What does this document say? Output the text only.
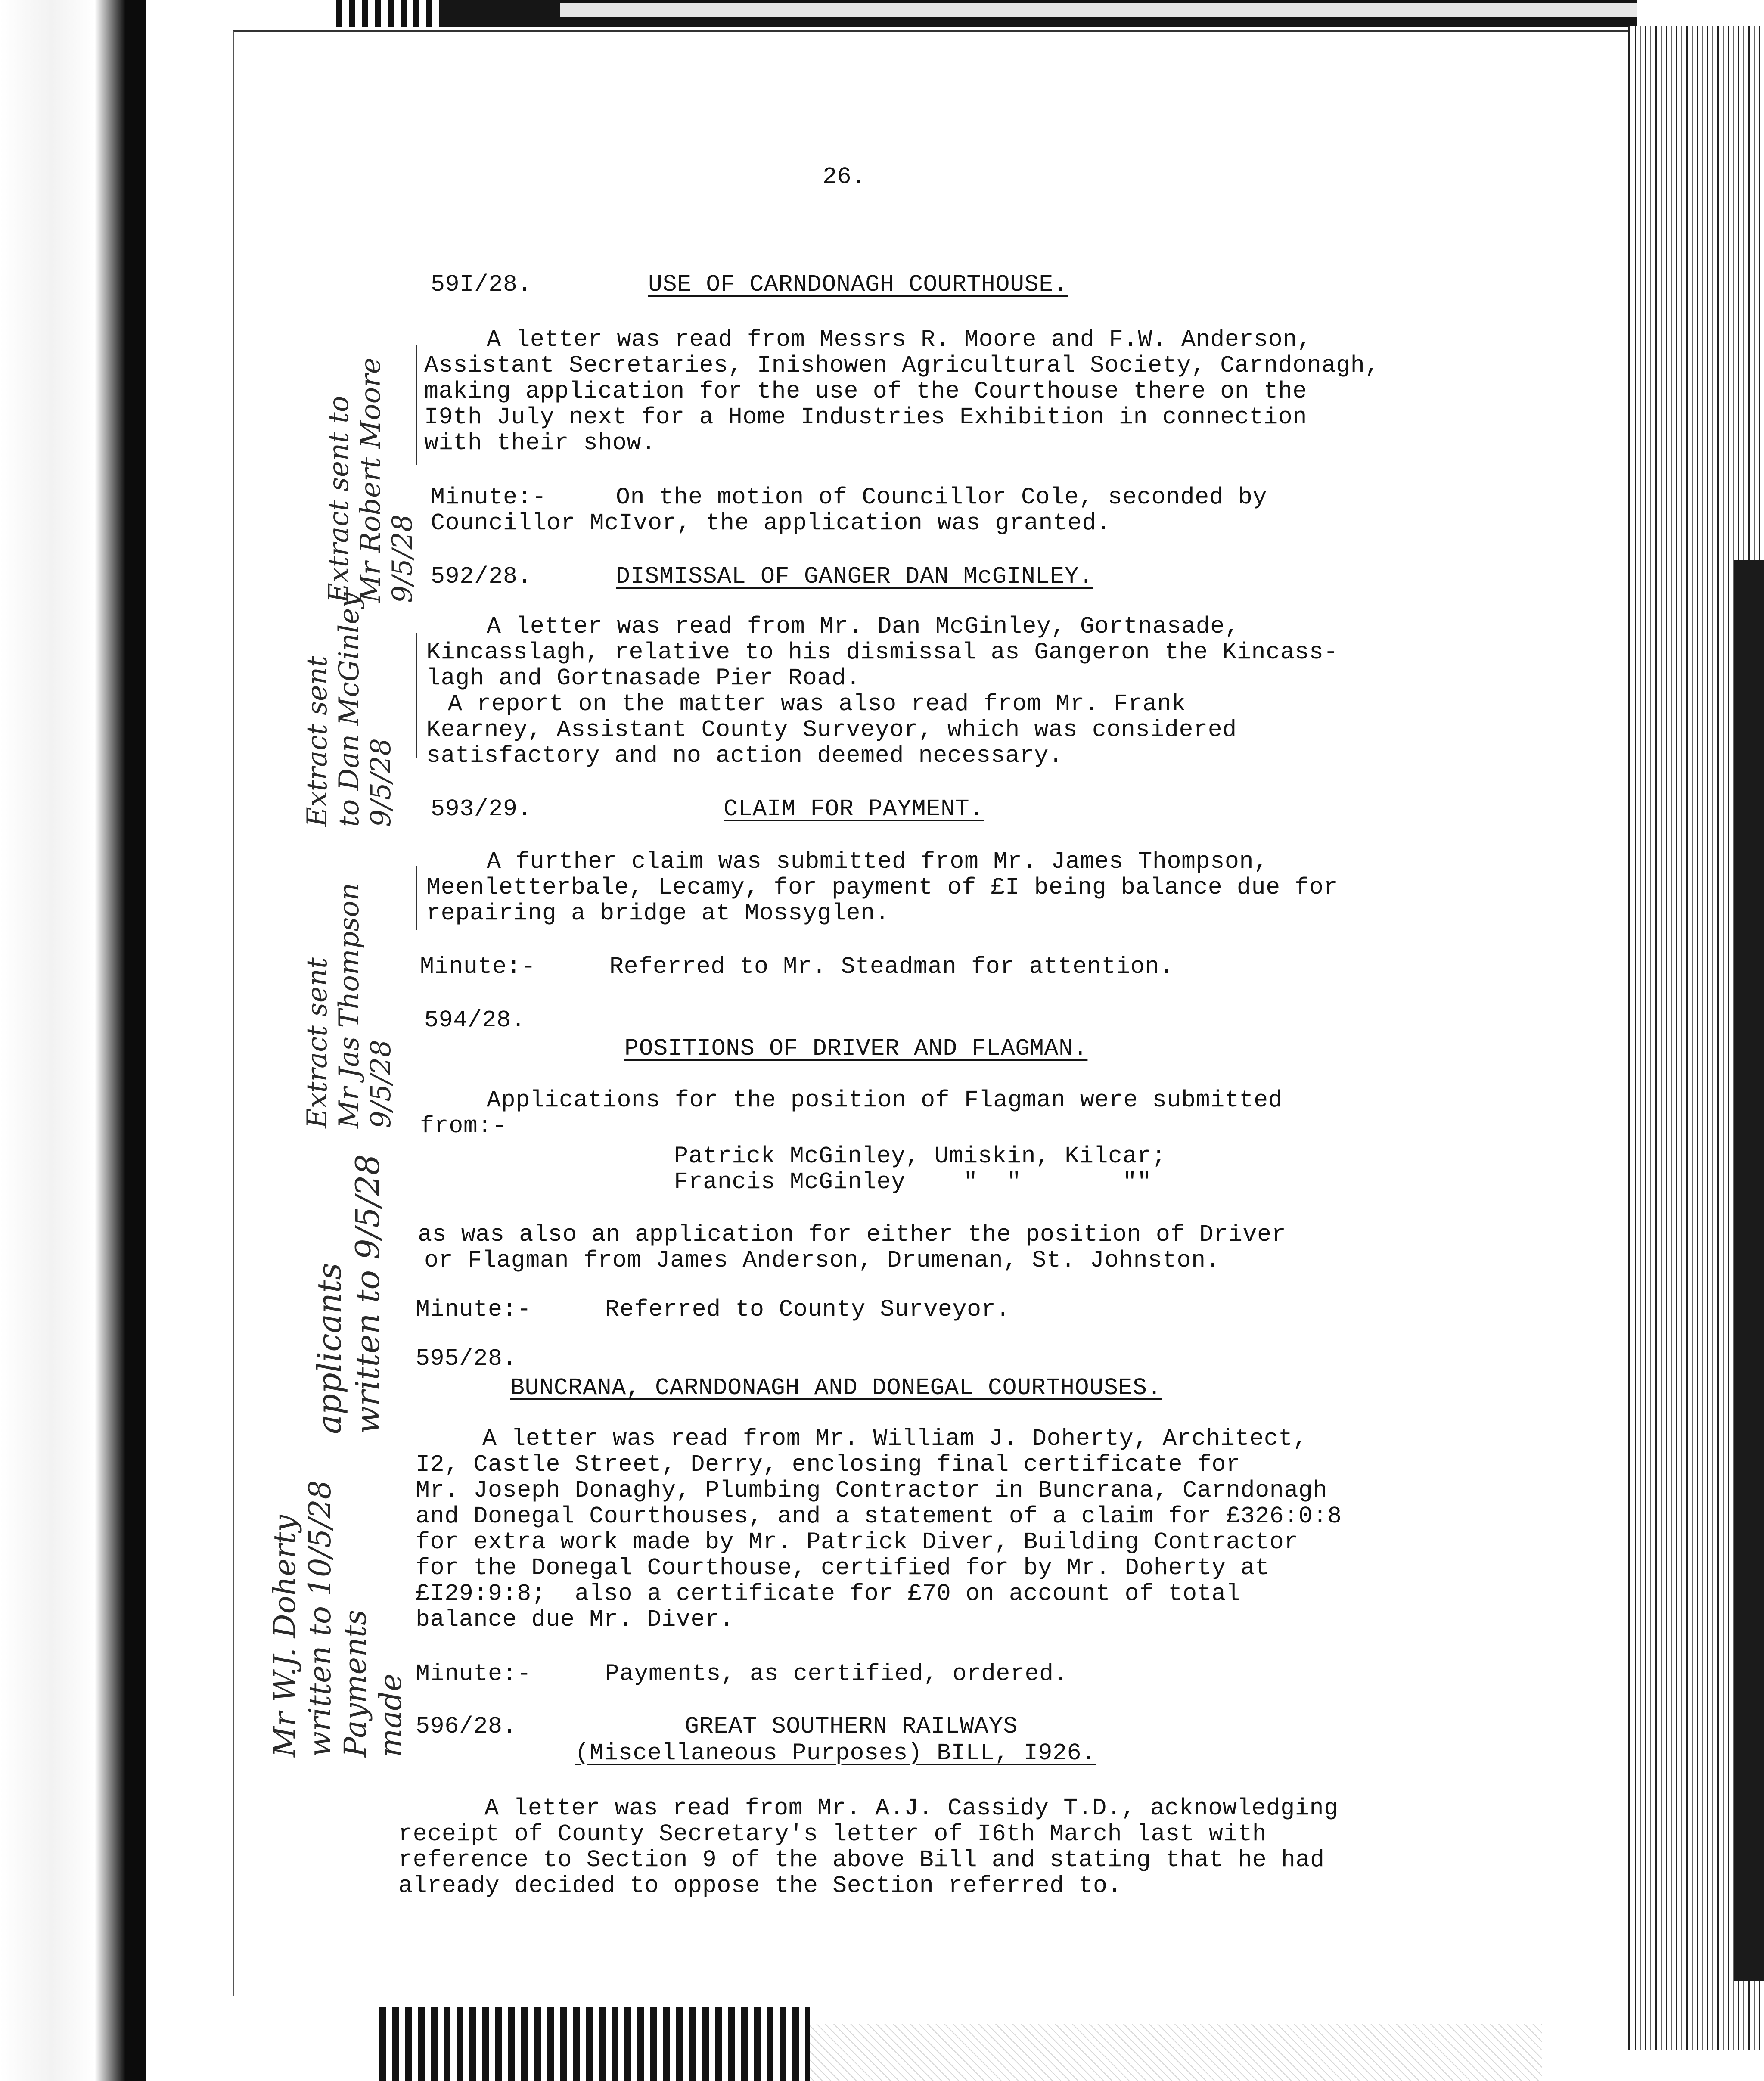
26.
59I/28.	USE OF CARNDONAGH COURTHOUSE.
A letter was read from Messrs R. Moore and F.W. Anderson,
Assistant Secretaries, Inishowen Agricultural Society, Carndonagh,
making application for the use of the Courthouse there on the
I9th July next for a Home Industries Exhibition in connection
with their show.
Minute:-	On the motion of Councillor Cole, seconded by
Councillor McIvor, the application was granted.
592/28.	DISMISSAL OF GANGER DAN McGINLEY.
A letter was read from Mr. Dan McGinley, Gortnasade,
Kincasslagh, relative to his dismissal as Gangeron the Kincass-
lagh and Gortnasade Pier Road.
A report on the matter was also read from Mr. Frank
Kearney, Assistant County Surveyor, which was considered
satisfactory and no action deemed necessary.
593/29.	CLAIM FOR PAYMENT.
A further claim was submitted from Mr. James Thompson,
Meenletterbale, Lecamy, for payment of £I being balance due for
repairing a bridge at Mossyglen.
Minute:-	Referred to Mr. Steadman for attention.
594/28.
POSITIONS OF DRIVER AND FLAGMAN.
Applications for the position of Flagman were submitted
from:-
Patrick McGinley, Umiskin, Kilcar;
Francis McGinley    "  "       ""
as was also an application for either the position of Driver
or Flagman from James Anderson, Drumenan, St. Johnston.
Minute:-	Referred to County Surveyor.
595/28.
BUNCRANA, CARNDONAGH AND DONEGAL COURTHOUSES.
A letter was read from Mr. William J. Doherty, Architect,
I2, Castle Street, Derry, enclosing final certificate for
Mr. Joseph Donaghy, Plumbing Contractor in Buncrana, Carndonagh
and Donegal Courthouses, and a statement of a claim for £326:0:8
for extra work made by Mr. Patrick Diver, Building Contractor
for the Donegal Courthouse, certified for by Mr. Doherty at
£I29:9:8;  also a certificate for £70 on account of total
balance due Mr. Diver.
Minute:-	Payments, as certified, ordered.
596/28.	GREAT SOUTHERN RAILWAYS
(Miscellaneous Purposes) BILL, I926.
A letter was read from Mr. A.J. Cassidy T.D., acknowledging
receipt of County Secretary's letter of I6th March last with
reference to Section 9 of the above Bill and stating that he had
already decided to oppose the Section referred to.
Extract sent to Mr Robert Moore 9/5/28
Extract sent to Dan McGinley 9/5/28
Extract sent Mr Jas Thompson 9/5/28
applicants written to 9/5/28
Mr W.J. Doherty written to 10/5/28 Payments made
